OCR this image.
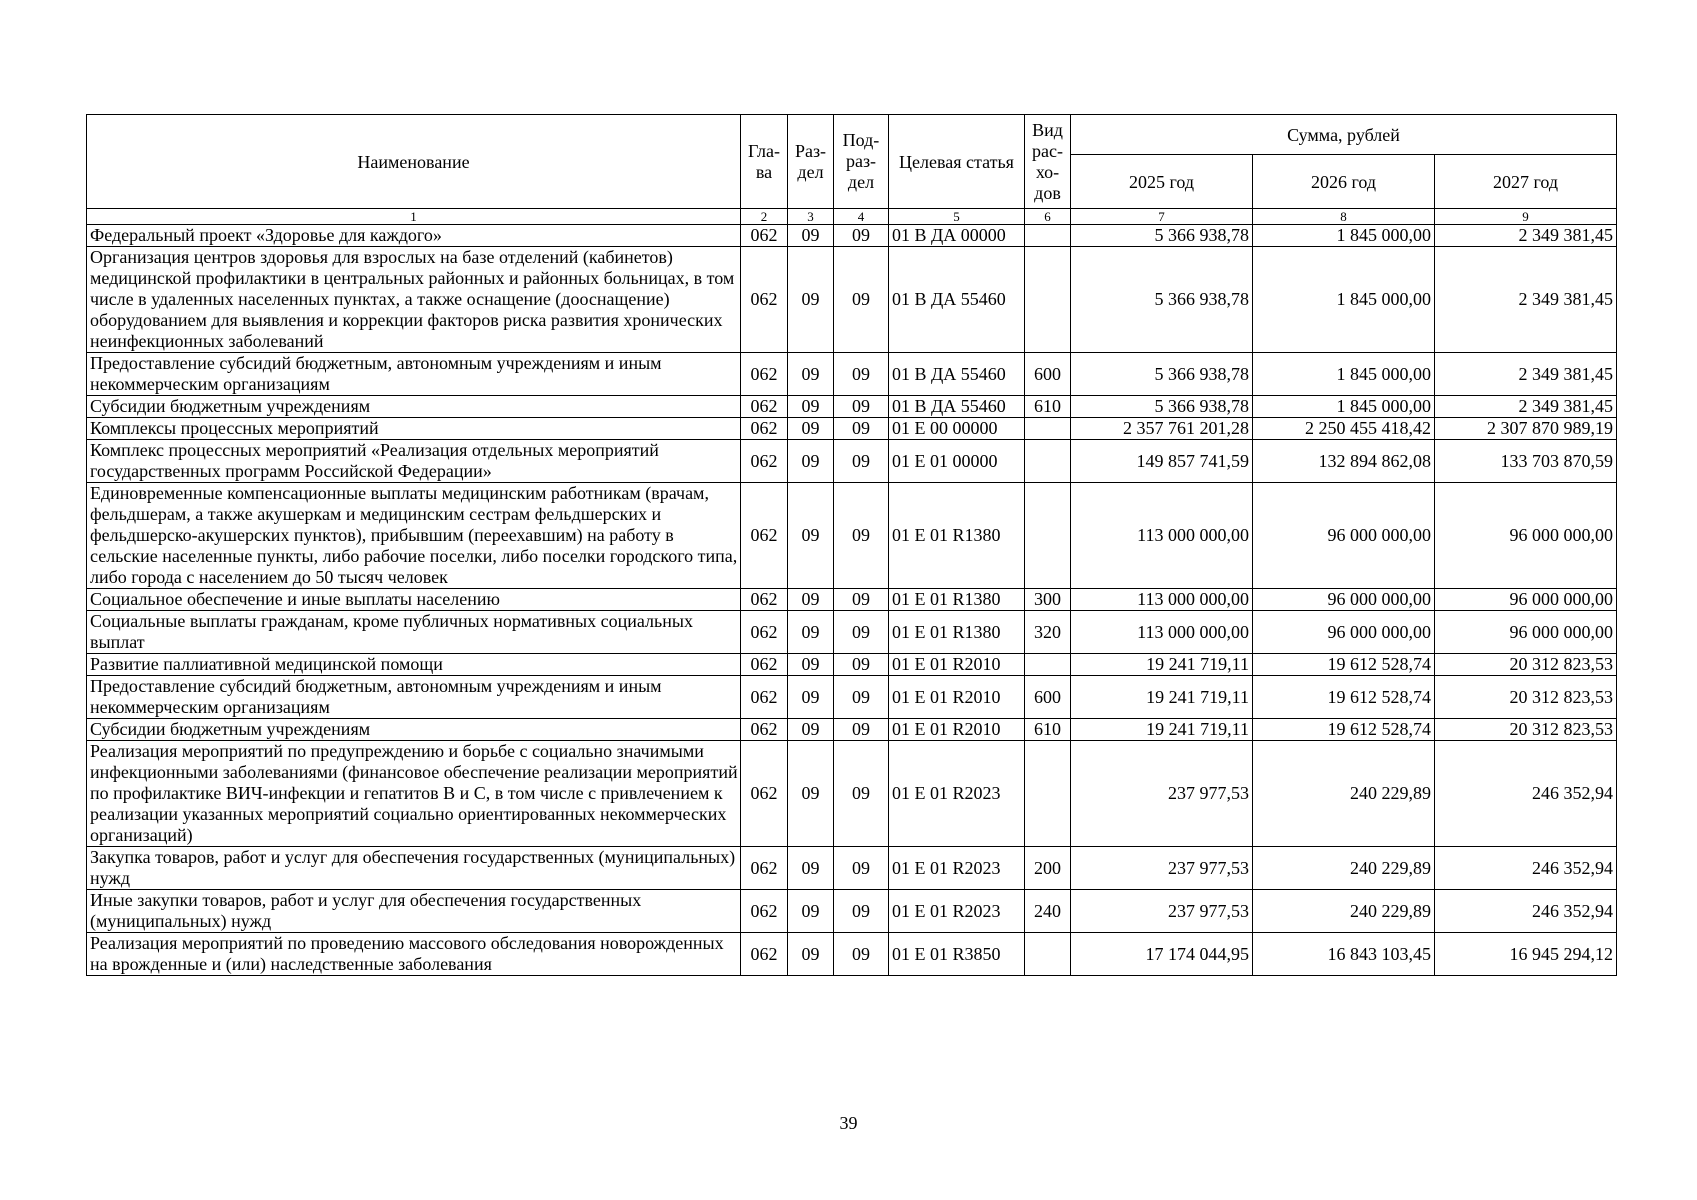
Наименование	Гла-ва	Раз-дел	Под-раз-дел	Целевая статья	Вид рас-хо-дов	Сумма, рублей		
						2025 год	2026 год	2027 год
1	2	3	4	5	6	7	8	9
Федеральный проект «Здоровье для каждого»	062	09	09	01 В ДА 00000		5 366 938,78	1 845 000,00	2 349 381,45
Организация центров здоровья для взрослых на базе отделений (кабинетов) медицинской профилактики в центральных районных и районных больницах, в том числе в удаленных населенных пунктах, а также оснащение (дооснащение) оборудованием для выявления и коррекции факторов риска развития хронических неинфекционных заболеваний	062	09	09	01 В ДА 55460		5 366 938,78	1 845 000,00	2 349 381,45
Предоставление субсидий бюджетным, автономным учреждениям и иным некоммерческим организациям	062	09	09	01 В ДА 55460	600	5 366 938,78	1 845 000,00	2 349 381,45
Субсидии бюджетным учреждениям	062	09	09	01 В ДА 55460	610	5 366 938,78	1 845 000,00	2 349 381,45
Комплексы процессных мероприятий	062	09	09	01 Е 00 00000		2 357 761 201,28	2 250 455 418,42	2 307 870 989,19
Комплекс процессных мероприятий «Реализация отдельных мероприятий государственных программ Российской Федерации»	062	09	09	01 Е 01 00000		149 857 741,59	132 894 862,08	133 703 870,59
Единовременные компенсационные выплаты медицинским работникам (врачам, фельдшерам, а также акушеркам и медицинским сестрам фельдшерских и фельдшерско-акушерских пунктов), прибывшим (переехавшим) на работу в сельские населенные пункты, либо рабочие поселки, либо поселки городского типа, либо города с населением до 50 тысяч человек	062	09	09	01 Е 01 R1380		113 000 000,00	96 000 000,00	96 000 000,00
Социальное обеспечение и иные выплаты населению	062	09	09	01 Е 01 R1380	300	113 000 000,00	96 000 000,00	96 000 000,00
Социальные выплаты гражданам, кроме публичных нормативных социальных выплат	062	09	09	01 Е 01 R1380	320	113 000 000,00	96 000 000,00	96 000 000,00
Развитие паллиативной медицинской помощи	062	09	09	01 Е 01 R2010		19 241 719,11	19 612 528,74	20 312 823,53
Предоставление субсидий бюджетным, автономным учреждениям и иным некоммерческим организациям	062	09	09	01 Е 01 R2010	600	19 241 719,11	19 612 528,74	20 312 823,53
Субсидии бюджетным учреждениям	062	09	09	01 Е 01 R2010	610	19 241 719,11	19 612 528,74	20 312 823,53
Реализация мероприятий по предупреждению и борьбе с социально значимыми инфекционными заболеваниями (финансовое обеспечение реализации мероприятий по профилактике ВИЧ-инфекции и гепатитов B и C, в том числе с привлечением к реализации указанных мероприятий социально ориентированных некоммерческих организаций)	062	09	09	01 Е 01 R2023		237 977,53	240 229,89	246 352,94
Закупка товаров, работ и услуг для обеспечения государственных (муниципальных) нужд	062	09	09	01 Е 01 R2023	200	237 977,53	240 229,89	246 352,94
Иные закупки товаров, работ и услуг для обеспечения государственных (муниципальных) нужд	062	09	09	01 Е 01 R2023	240	237 977,53	240 229,89	246 352,94
Реализация мероприятий по проведению массового обследования новорожденных на врожденные и (или) наследственные заболевания	062	09	09	01 Е 01 R3850		17 174 044,95	16 843 103,45	16 945 294,12
39
